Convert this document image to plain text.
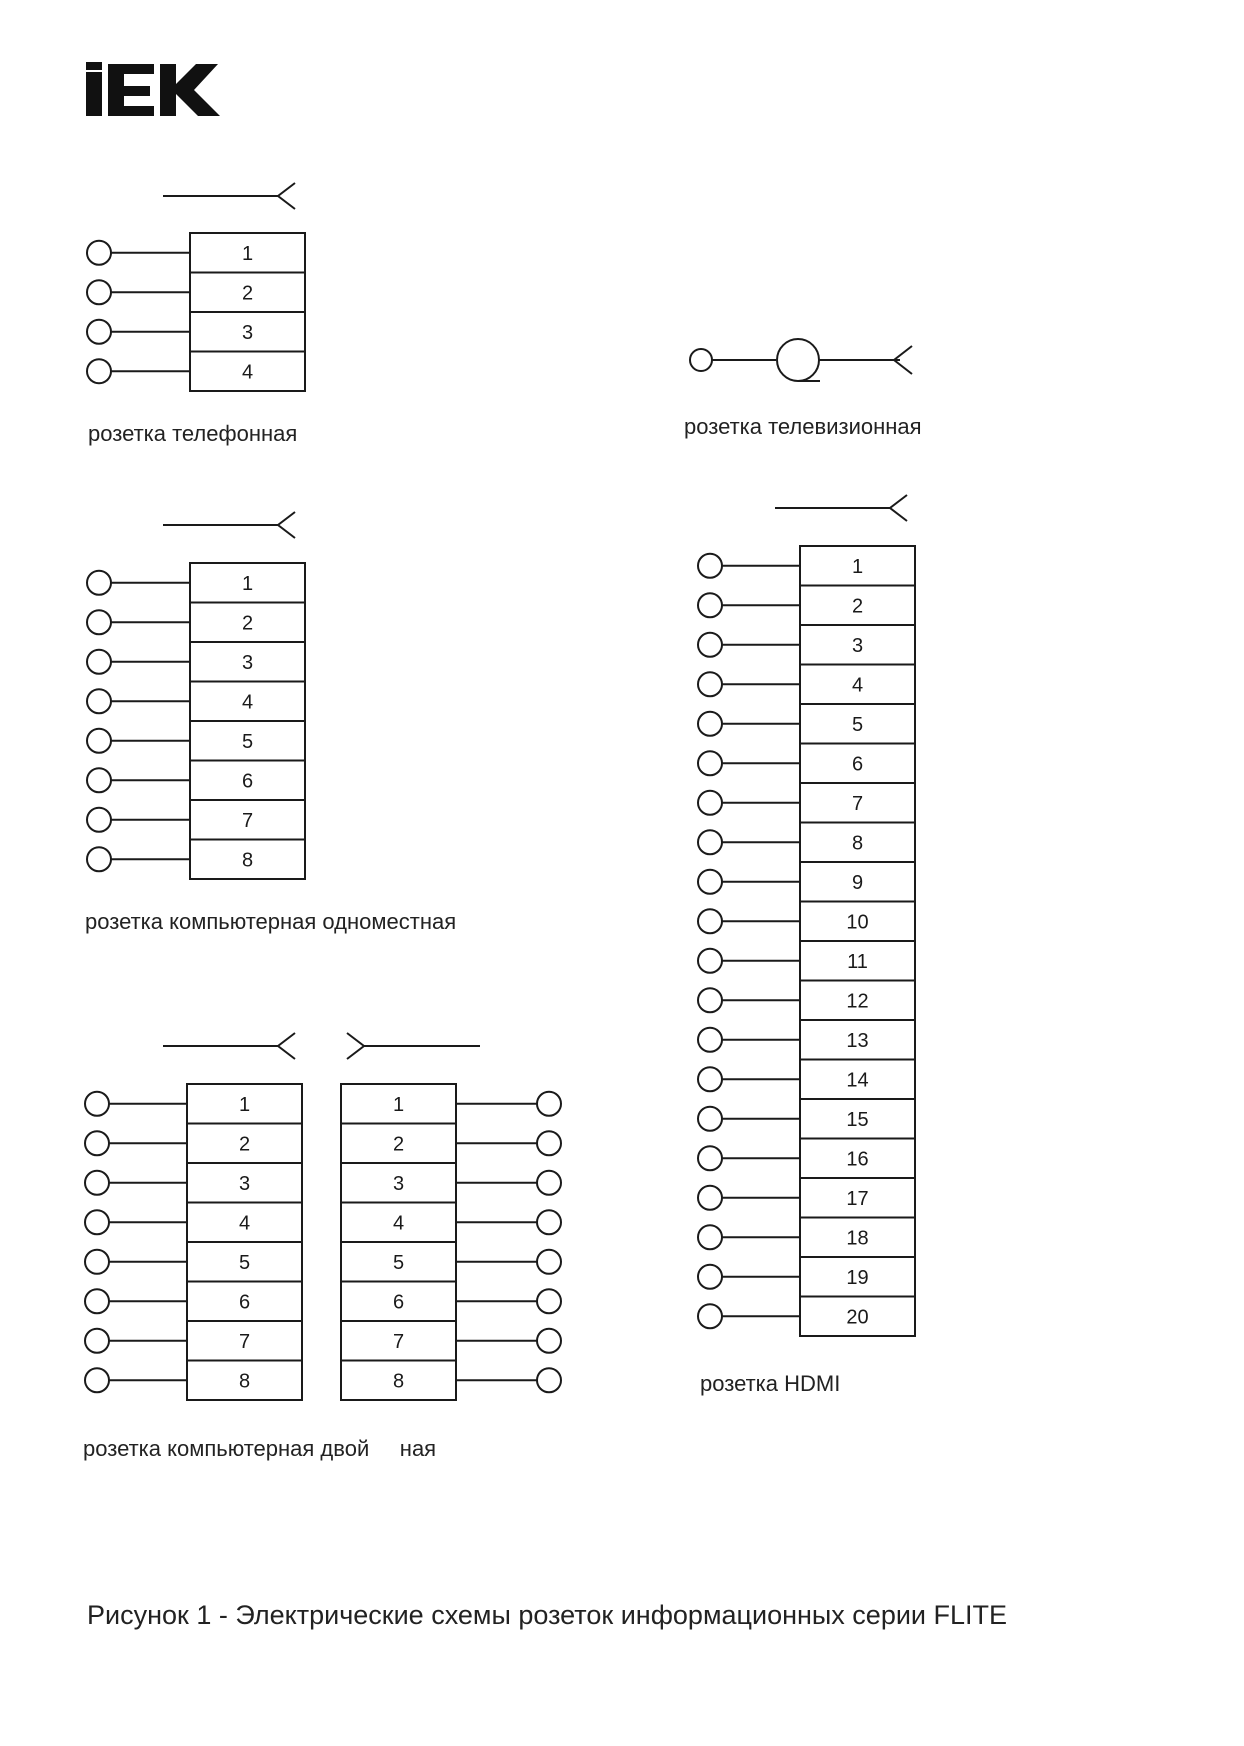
1
2
3
4
1
2
3
4
5
6
7
8
1
2
3
4
5
6
7
8
9
10
11
12
13
14
15
16
17
18
19
20
1
2
3
4
5
6
7
8
1
2
3
4
5
6
7
8
розетка телефонная	розетка телевизионная
розетка компьютерная одноместная
розетка HDMI
розетка компьютерная двой     ная
Рисунок 1 - Электрические схемы розеток информационных серии FLITE
